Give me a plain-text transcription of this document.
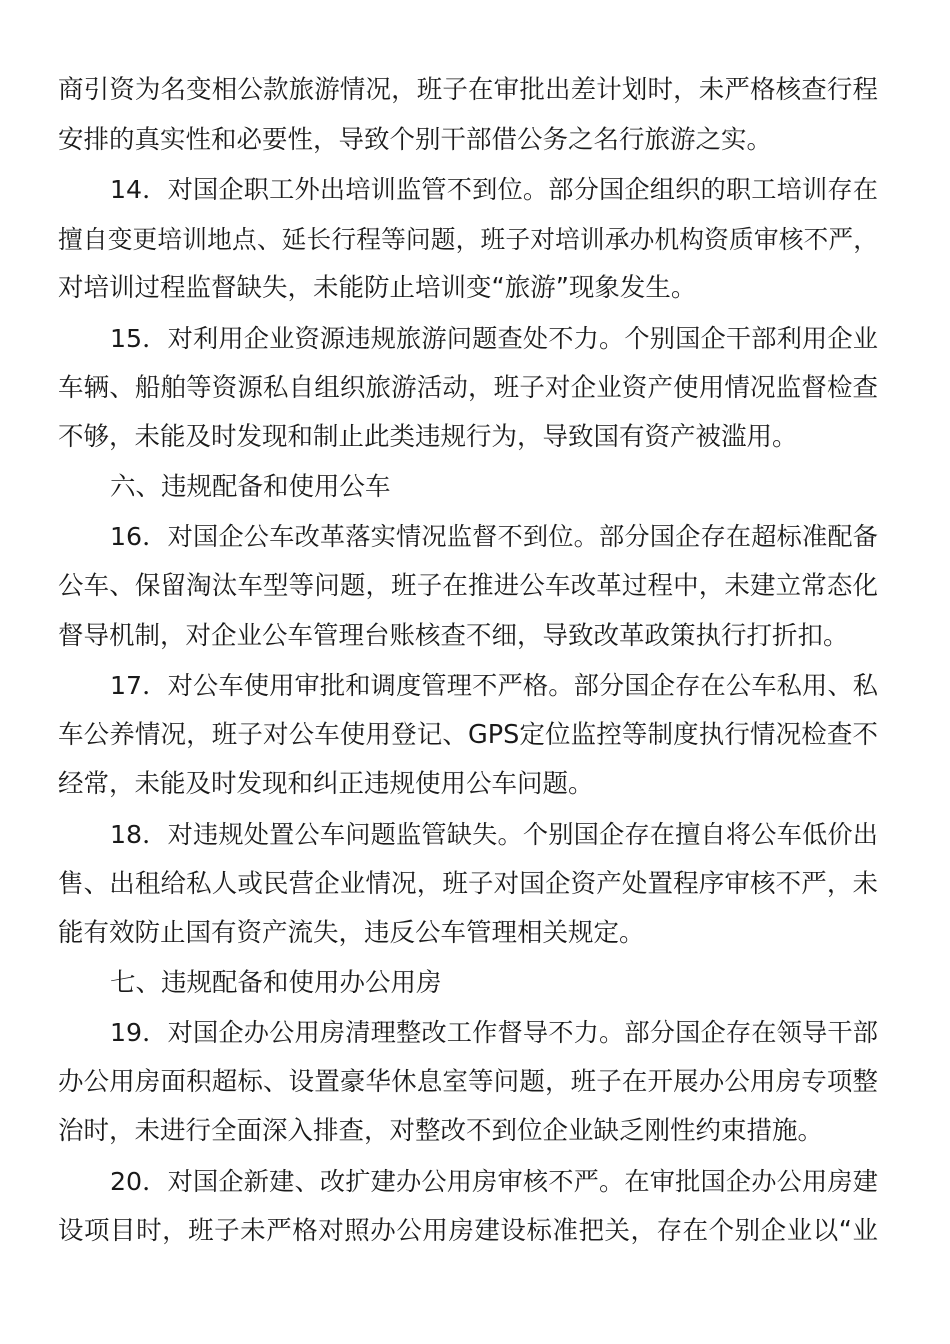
商引资为名变相公款旅游情况，班子在审批出差计划时，未严格核查行程
安排的真实性和必要性，导致个别干部借公务之名行旅游之实。
14．对国企职工外出培训监管不到位。部分国企组织的职工培训存在
擅自变更培训地点、延长行程等问题，班子对培训承办机构资质审核不严，
对培训过程监督缺失，未能防止培训变“旅游”现象发生。
15．对利用企业资源违规旅游问题查处不力。个别国企干部利用企业
车辆、船舶等资源私自组织旅游活动，班子对企业资产使用情况监督检查
不够，未能及时发现和制止此类违规行为，导致国有资产被滥用。
六、违规配备和使用公车
16．对国企公车改革落实情况监督不到位。部分国企存在超标准配备
公车、保留淘汰车型等问题，班子在推进公车改革过程中，未建立常态化
督导机制，对企业公车管理台账核查不细，导致改革政策执行打折扣。
17．对公车使用审批和调度管理不严格。部分国企存在公车私用、私
车公养情况，班子对公车使用登记、GPS定位监控等制度执行情况检查不
经常，未能及时发现和纠正违规使用公车问题。
18．对违规处置公车问题监管缺失。个别国企存在擅自将公车低价出
售、出租给私人或民营企业情况，班子对国企资产处置程序审核不严，未
能有效防止国有资产流失，违反公车管理相关规定。
七、违规配备和使用办公用房
19．对国企办公用房清理整改工作督导不力。部分国企存在领导干部
办公用房面积超标、设置豪华休息室等问题，班子在开展办公用房专项整
治时，未进行全面深入排查，对整改不到位企业缺乏刚性约束措施。
20．对国企新建、改扩建办公用房审核不严。在审批国企办公用房建
设项目时，班子未严格对照办公用房建设标准把关，存在个别企业以“业
